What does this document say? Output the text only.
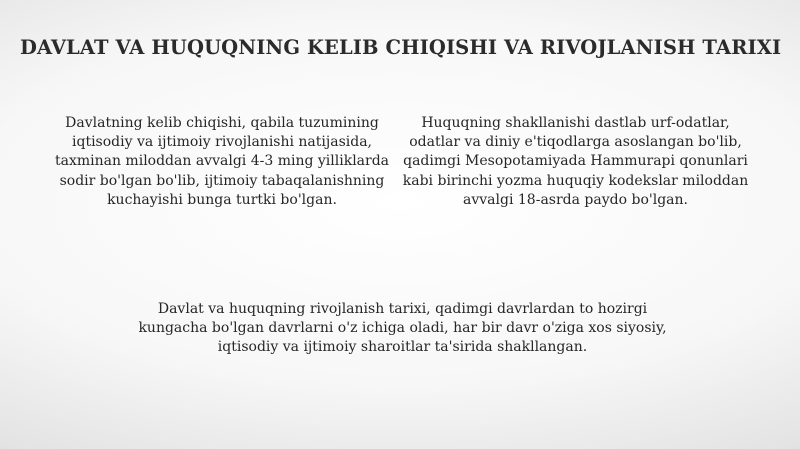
DAVLAT VA HUQUQNING KELIB CHIQISHI VA RIVOJLANISH TARIXI
Davlatning kelib chiqishi, qabila tuzumining iqtisodiy va ijtimoiy rivojlanishi natijasida, taxminan miloddan avvalgi 4-3 ming yilliklarda sodir bo'lgan bo'lib, ijtimoiy tabaqalanishning kuchayishi bunga turtki bo'lgan.
Huquqning shakllanishi dastlab urf-odatlar, odatlar va diniy e'tiqodlarga asoslangan bo'lib, qadimgi Mesopotamiyada Hammurapi qonunlari kabi birinchi yozma huquqiy kodekslar miloddan avvalgi 18-asrda paydo bo'lgan.
Davlat va huquqning rivojlanish tarixi, qadimgi davrlardan to hozirgi kungacha bo'lgan davrlarni o'z ichiga oladi, har bir davr o'ziga xos siyosiy, iqtisodiy va ijtimoiy sharoitlar ta'sirida shakllangan.
